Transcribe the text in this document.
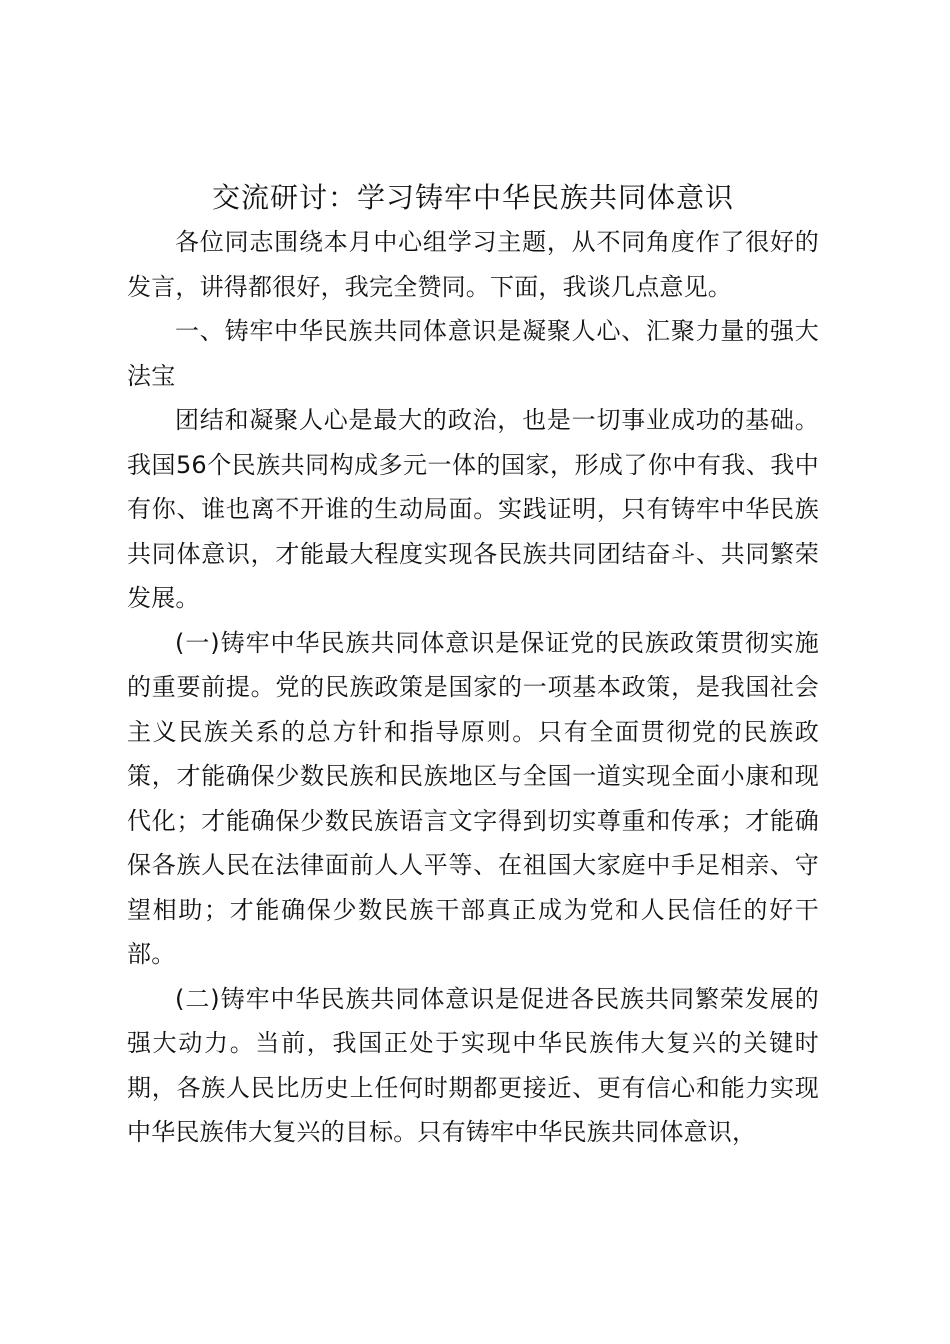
交流研讨：学习铸牢中华民族共同体意识

各位同志围绕本月中心组学习主题，从不同角度作了很好的发言，讲得都很好，我完全赞同。下面，我谈几点意见。

一、铸牢中华民族共同体意识是凝聚人心、汇聚力量的强大法宝

团结和凝聚人心是最大的政治，也是一切事业成功的基础。我国56个民族共同构成多元一体的国家，形成了你中有我、我中有你、谁也离不开谁的生动局面。实践证明，只有铸牢中华民族共同体意识，才能最大程度实现各民族共同团结奋斗、共同繁荣发展。

(一)铸牢中华民族共同体意识是保证党的民族政策贯彻实施的重要前提。党的民族政策是国家的一项基本政策，是我国社会主义民族关系的总方针和指导原则。只有全面贯彻党的民族政策，才能确保少数民族和民族地区与全国一道实现全面小康和现代化；才能确保少数民族语言文字得到切实尊重和传承；才能确保各族人民在法律面前人人平等、在祖国大家庭中手足相亲、守望相助；才能确保少数民族干部真正成为党和人民信任的好干部。

(二)铸牢中华民族共同体意识是促进各民族共同繁荣发展的强大动力。当前，我国正处于实现中华民族伟大复兴的关键时期，各族人民比历史上任何时期都更接近、更有信心和能力实现中华民族伟大复兴的目标。只有铸牢中华民族共同体意识，
